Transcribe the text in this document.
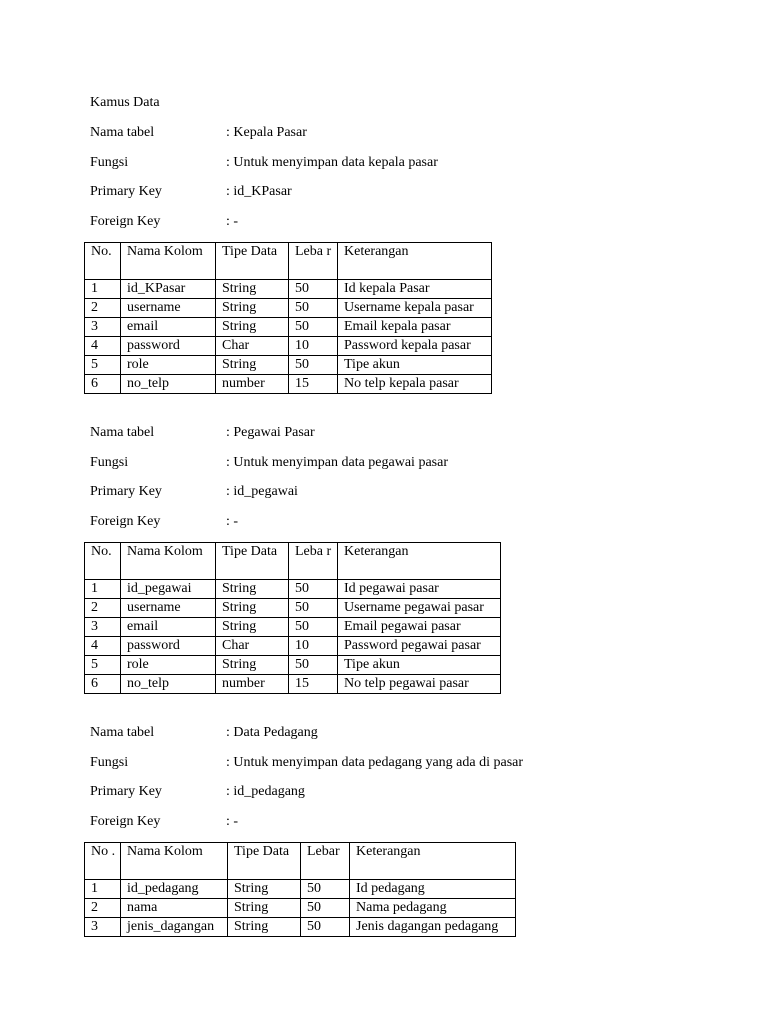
Kamus Data
Nama tabel	: Kepala Pasar
Fungsi	: Untuk menyimpan data kepala pasar
Primary Key	: id_KPasar
Foreign Key	: -
No.	Nama Kolom	Tipe Data	Leba r	Keterangan
1	id_KPasar	String	50	Id kepala Pasar
2	username	String	50	Username kepala pasar
3	email	String	50	Email kepala pasar
4	password	Char	10	Password kepala pasar
5	role	String	50	Tipe akun
6	no_telp	number	15	No telp kepala pasar
Nama tabel	: Pegawai Pasar
Fungsi	: Untuk menyimpan data pegawai pasar
Primary Key	: id_pegawai
Foreign Key	: -
No.	Nama Kolom	Tipe Data	Leba r	Keterangan
1	id_pegawai	String	50	Id pegawai pasar
2	username	String	50	Username pegawai pasar
3	email	String	50	Email pegawai pasar
4	password	Char	10	Password pegawai pasar
5	role	String	50	Tipe akun
6	no_telp	number	15	No telp pegawai pasar
Nama tabel	: Data Pedagang
Fungsi	: Untuk menyimpan data pedagang yang ada di pasar
Primary Key	: id_pedagang
Foreign Key	: -
No .	Nama Kolom	Tipe Data	Lebar	Keterangan
1	id_pedagang	String	50	Id pedagang
2	nama	String	50	Nama pedagang
3	jenis_dagangan	String	50	Jenis dagangan pedagang
